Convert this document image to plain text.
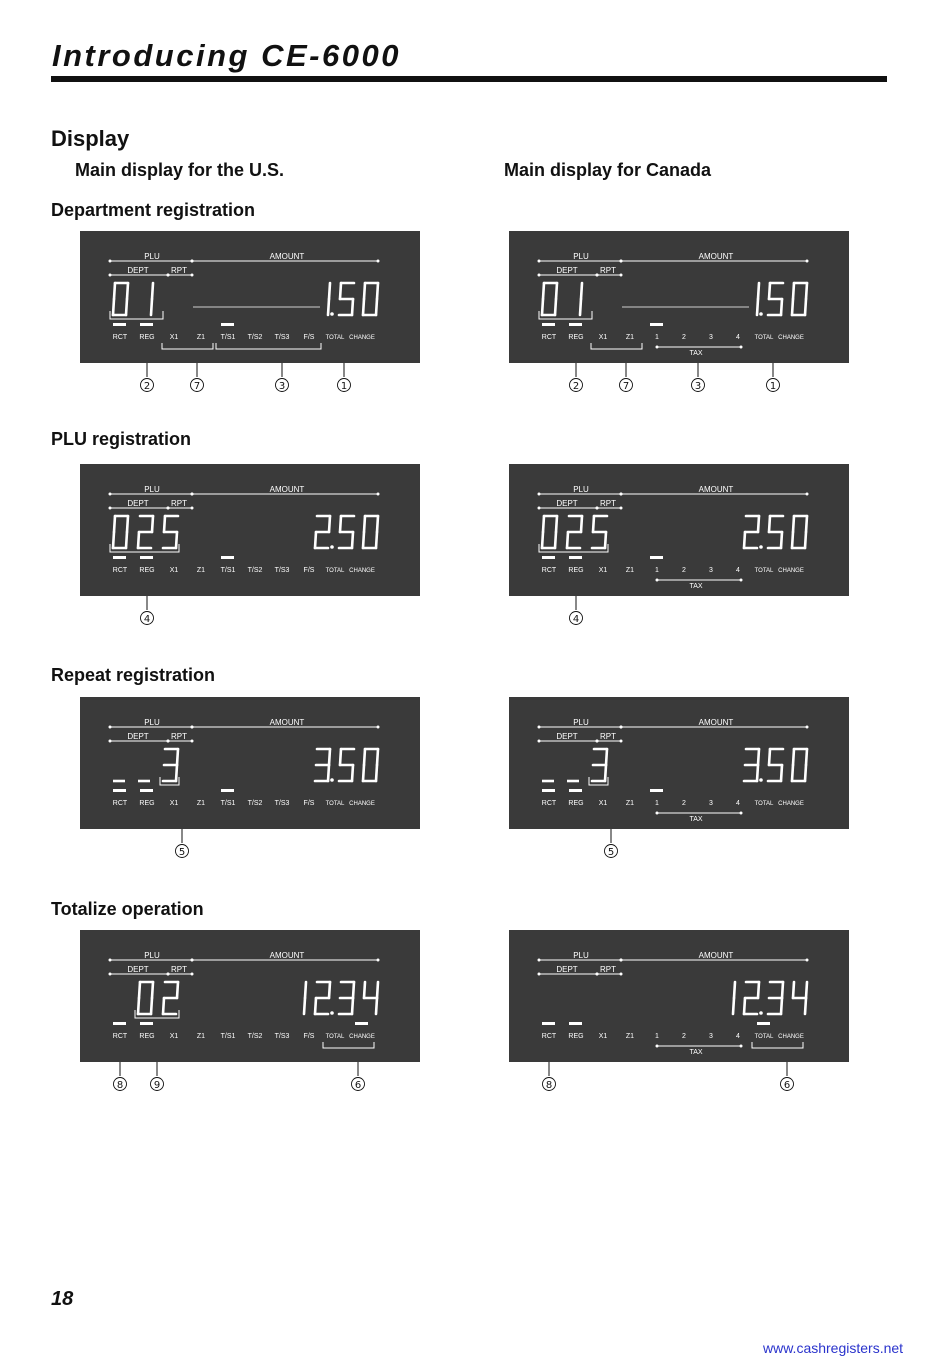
Introducing CE-6000
Display
Main display for the U.S.	Main display for Canada
Department registration
PLU	AMOUNT
DEPT	RPT
RCT REG X1	Z1 T/S1 T/S2 T/S3 F/S TOTAL CHANGE
PLU	AMOUNT
DEPT	RPT
RCT REG X1	Z1	1	2	3	4 TOTAL CHANGE
TAX
2	7	3	1	2	7	3	1
PLU registration
PLU	AMOUNT
DEPT	RPT
RCT REG X1	Z1 T/S1 T/S2 T/S3 F/S TOTAL CHANGE
PLU	AMOUNT
DEPT	RPT
RCT REG X1	Z1	1	2	3	4 TOTAL CHANGE
TAX
4	4
Repeat registration
PLU	AMOUNT
DEPT	RPT
RCT REG X1	Z1 T/S1 T/S2 T/S3 F/S TOTAL CHANGE
PLU	AMOUNT
DEPT	RPT
RCT REG X1	Z1	1	2	3	4 TOTAL CHANGE
TAX
5	5
Totalize operation
PLU	AMOUNT
DEPT	RPT
RCT REG X1	Z1 T/S1 T/S2 T/S3 F/S TOTAL CHANGE
PLU	AMOUNT
DEPT	RPT
RCT REG X1	Z1	1	2	3	4 TOTAL CHANGE
TAX
8	9	6	8	6
18
www.cashregisters.net
